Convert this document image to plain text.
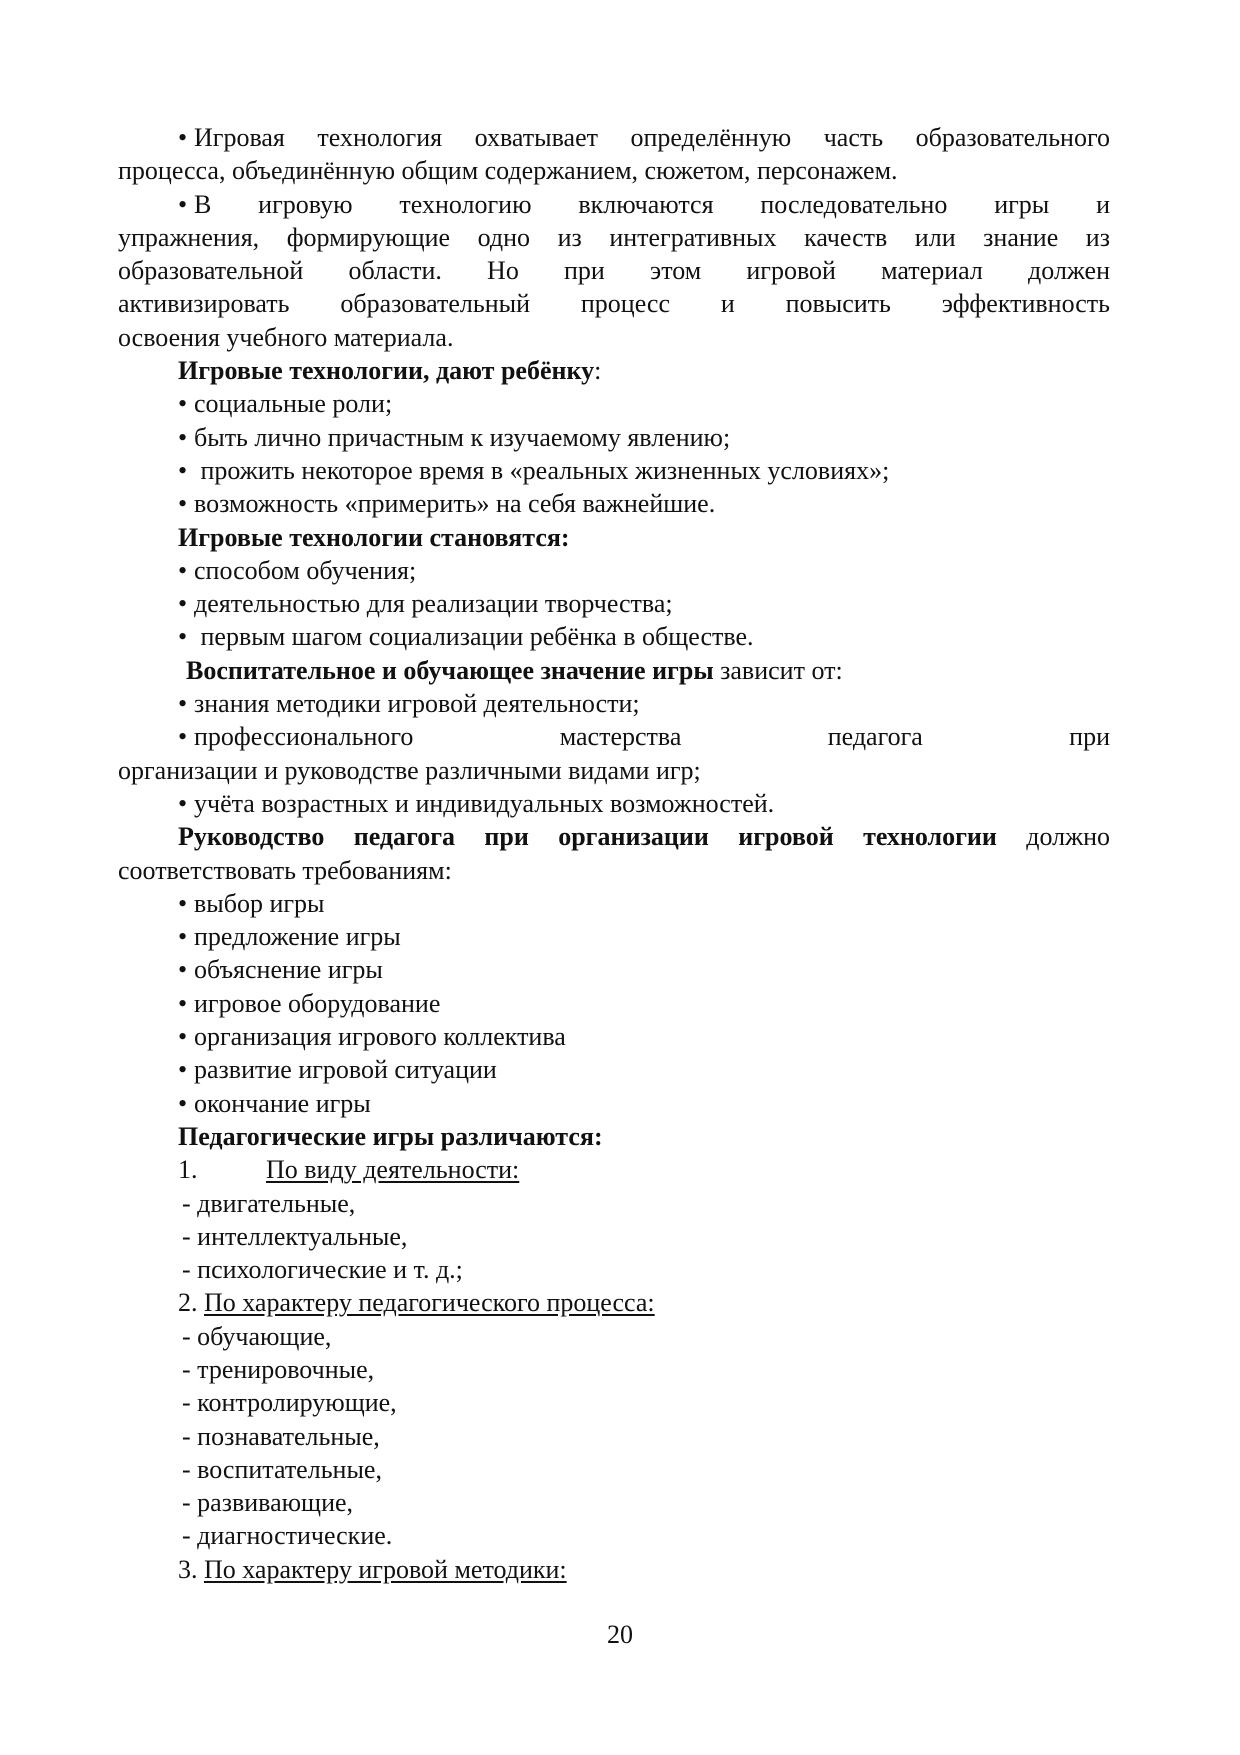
• Игровая технология охватывает определённую часть образовательного
процесса, объединённую общим содержанием, сюжетом, персонажем.
• В игровую технологию включаются последовательно игры и
упражнения, формирующие одно из интегративных качеств или знание из
образовательной области. Но при этом игровой материал должен
активизировать образовательный процесс и повысить эффективность
освоения учебного материала.
Игровые технологии, дают ребёнку:
• социальные роли;
• быть лично причастным к изучаемому явлению;
• прожить некоторое время в «реальных жизненных условиях»;
• возможность «примерить» на себя важнейшие.
Игровые технологии становятся:
• способом обучения;
• деятельностью для реализации творчества;
• первым шагом социализации ребёнка в обществе.
Воспитательное и обучающее значение игры зависит от:
• знания методики игровой деятельности;
• профессионального мастерства педагога при
организации и руководстве различными видами игр;
• учёта возрастных и индивидуальных возможностей.
Руководство педагога при организации игровой технологии должно
соответствовать требованиям:
• выбор игры
• предложение игры
• объяснение игры
• игровое оборудование
• организация игрового коллектива
• развитие игровой ситуации
• окончание игры
Педагогические игры различаются:
1.	По виду деятельности:
- двигательные,
- интеллектуальные,
- психологические и т. д.;
2. По характеру педагогического процесса:
- обучающие,
- тренировочные,
- контролирующие,
- познавательные,
- воспитательные,
- развивающие,
- диагностические.
3. По характеру игровой методики:
20
